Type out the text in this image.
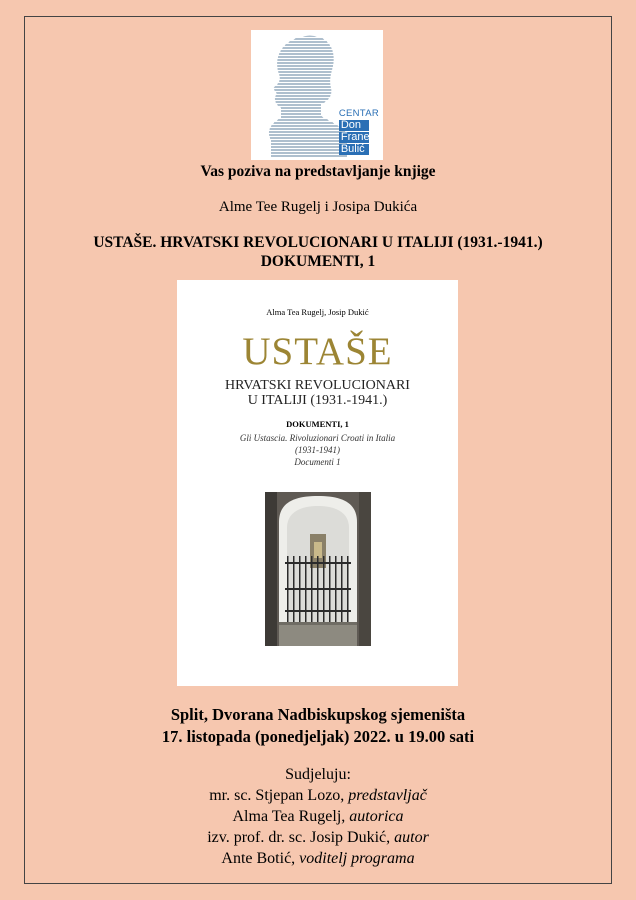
CENTAR
Don
Frane
Bulić
Vas poziva na predstavljanje knjige
Alme Tee Rugelj i Josipa Dukića
USTAŠE. HRVATSKI REVOLUCIONARI U ITALIJI (1931.-1941.)
DOKUMENTI, 1
Alma Tea Rugelj, Josip Dukić
USTAŠE
HRVATSKI REVOLUCIONARI
U ITALIJI (1931.-1941.)
DOKUMENTI, 1
Gli Ustascia. Rivoluzionari Croati in Italia
(1931-1941)
Documenti 1
Split, Dvorana Nadbiskupskog sjemeništa
17. listopada (ponedjeljak) 2022. u 19.00 sati
Sudjeluju:
mr. sc. Stjepan Lozo, predstavljač
Alma Tea Rugelj, autorica
izv. prof. dr. sc. Josip Dukić, autor
Ante Botić, voditelj programa
